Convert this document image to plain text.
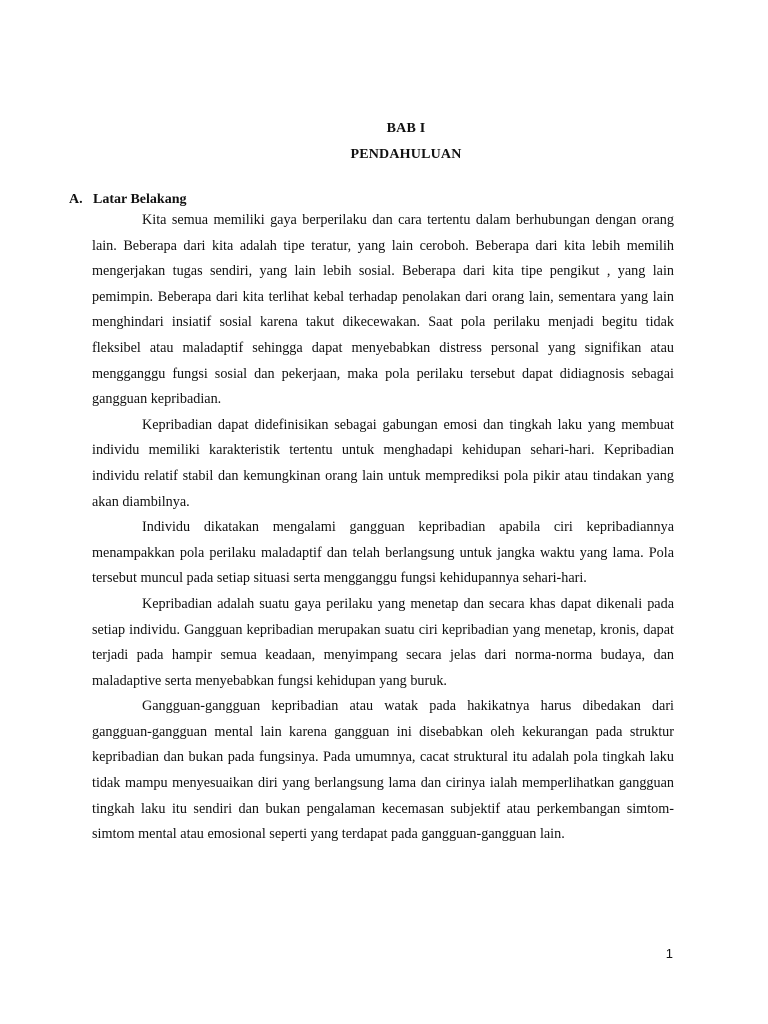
BAB I
PENDAHULUAN
A. Latar Belakang

Kita semua memiliki gaya berperilaku dan cara tertentu dalam berhubungan dengan orang lain. Beberapa dari kita adalah tipe teratur, yang lain ceroboh. Beberapa dari kita lebih memilih mengerjakan tugas sendiri, yang lain lebih sosial. Beberapa dari kita tipe pengikut , yang lain pemimpin. Beberapa dari kita terlihat kebal terhadap penolakan dari orang lain, sementara yang lain menghindari insiatif sosial karena takut dikecewakan. Saat pola perilaku menjadi begitu tidak fleksibel atau maladaptif sehingga dapat menyebabkan distress personal yang signifikan atau mengganggu fungsi sosial dan pekerjaan, maka pola perilaku tersebut dapat didiagnosis sebagai gangguan kepribadian.

Kepribadian dapat didefinisikan sebagai gabungan emosi dan tingkah laku yang membuat individu memiliki karakteristik tertentu untuk menghadapi kehidupan sehari-hari. Kepribadian individu relatif stabil dan kemungkinan orang lain untuk memprediksi pola pikir atau tindakan yang akan diambilnya.

Individu dikatakan mengalami gangguan kepribadian apabila ciri kepribadiannya menampakkan pola perilaku maladaptif dan telah berlangsung untuk jangka waktu yang lama. Pola tersebut muncul pada setiap situasi serta mengganggu fungsi kehidupannya sehari-hari.

Kepribadian adalah suatu gaya perilaku yang menetap dan secara khas dapat dikenali pada setiap individu. Gangguan kepribadian merupakan suatu ciri kepribadian yang menetap, kronis, dapat terjadi pada hampir semua keadaan, menyimpang secara jelas dari norma-norma budaya, dan maladaptive serta menyebabkan fungsi kehidupan yang buruk.

Gangguan-gangguan kepribadian atau watak pada hakikatnya harus dibedakan dari gangguan-gangguan mental lain karena gangguan ini disebabkan oleh kekurangan pada struktur kepribadian dan bukan pada fungsinya. Pada umumnya, cacat struktural itu adalah pola tingkah laku tidak mampu menyesuaikan diri yang berlangsung lama dan cirinya ialah memperlihatkan gangguan tingkah laku itu sendiri dan bukan pengalaman kecemasan subjektif atau perkembangan simtom-simtom mental atau emosional seperti yang terdapat pada gangguan-gangguan lain.

1
